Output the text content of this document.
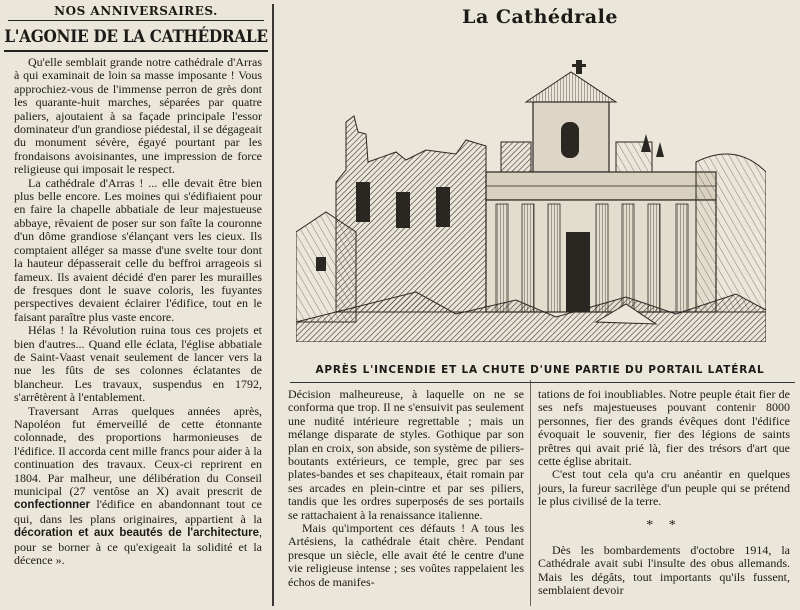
NOS ANNIVERSAIRES.
L'AGONIE DE LA CATHÉDRALE

Qu'elle semblait grande notre cathédrale d'Arras à qui examinait de loin sa masse imposante ! Vous approchiez-vous de l'immense perron de grès dont les quarante-huit marches, séparées par quatre paliers, ajoutaient à sa façade principale l'essor dominateur d'un grandiose piédestal, il se dégageait du monument sévère, égayé pourtant par les frondaisons avoisinantes, une impression de force religieuse qui imposait le respect.

La cathédrale d'Arras ! ... elle devait être bien plus belle encore. Les moines qui s'édifiaient pour en faire la chapelle abbatiale de leur majestueuse abbaye, rêvaient de poser sur son faîte la couronne d'un dôme grandiose s'élançant vers les cieux. Ils comptaient alléger sa masse d'une svelte tour dont la hauteur dépasserait celle du beffroi arrageois si fameux. Ils avaient décidé d'en parer les murailles de fresques dont le suave coloris, les fuyantes perspectives devaient éclairer l'édifice, tout en le faisant paraître plus vaste encore.

Hélas ! la Révolution ruina tous ces projets et bien d'autres... Quand elle éclata, l'église abbatiale de Saint-Vaast venait seulement de lancer vers la nue les fûts de ses colonnes éclatantes de blancheur. Les travaux, suspendus en 1792, s'arrêtèrent à l'entablement.

Traversant Arras quelques années après, Napoléon fut émerveillé de cette étonnante colonnade, des proportions harmonieuses de l'édifice. Il accorda cent mille francs pour aider à la continuation des travaux. Ceux-ci reprirent en 1804. Par malheur, une délibération du Conseil municipal (27 ventôse an X) avait prescrit de confectionner l'édifice en abandonnant tout ce qui, dans les plans originaires, appartient à la décoration et aux beautés de l'architecture, pour se borner à ce qu'exigeait la solidité et la décence ».

La Cathédrale
APRÈS L'INCENDIE ET LA CHUTE D'UNE PARTIE DU PORTAIL LATÉRAL

Décision malheureuse, à laquelle on ne se conforma que trop. Il ne s'ensuivit pas seulement une nudité intérieure regrettable ; mais un mélange disparate de styles. Gothique par son plan en croix, son abside, son système de piliers-boutants extérieurs, ce temple, grec par ses plates-bandes et ses chapiteaux, était romain par ses arcades en plein-cintre et par ses piliers, tandis que les ordres superposés de ses portails se rattachaient à la renaissance italienne.

Mais qu'importent ces défauts ! A tous les Artésiens, la cathédrale était chère. Pendant presque un siècle, elle avait été le centre d'une vie religieuse intense ; ses voûtes rappelaient les échos de manifes-

tations de foi inoubliables. Notre peuple était fier de ses nefs majestueuses pouvant contenir 8000 personnes, fier des grands évêques dont l'édifice évoquait le souvenir, fier des légions de saints prêtres qui avait prié là, fier des trésors d'art que cette église abritait.

C'est tout cela qu'a cru anéantir en quelques jours, la fureur sacrilège d'un peuple qui se prétend le plus civilisé de la terre.

* *

Dès les bombardements d'octobre 1914, la Cathédrale avait subi l'insulte des obus allemands. Mais les dégâts, tout importants qu'ils fussent, semblaient devoir
